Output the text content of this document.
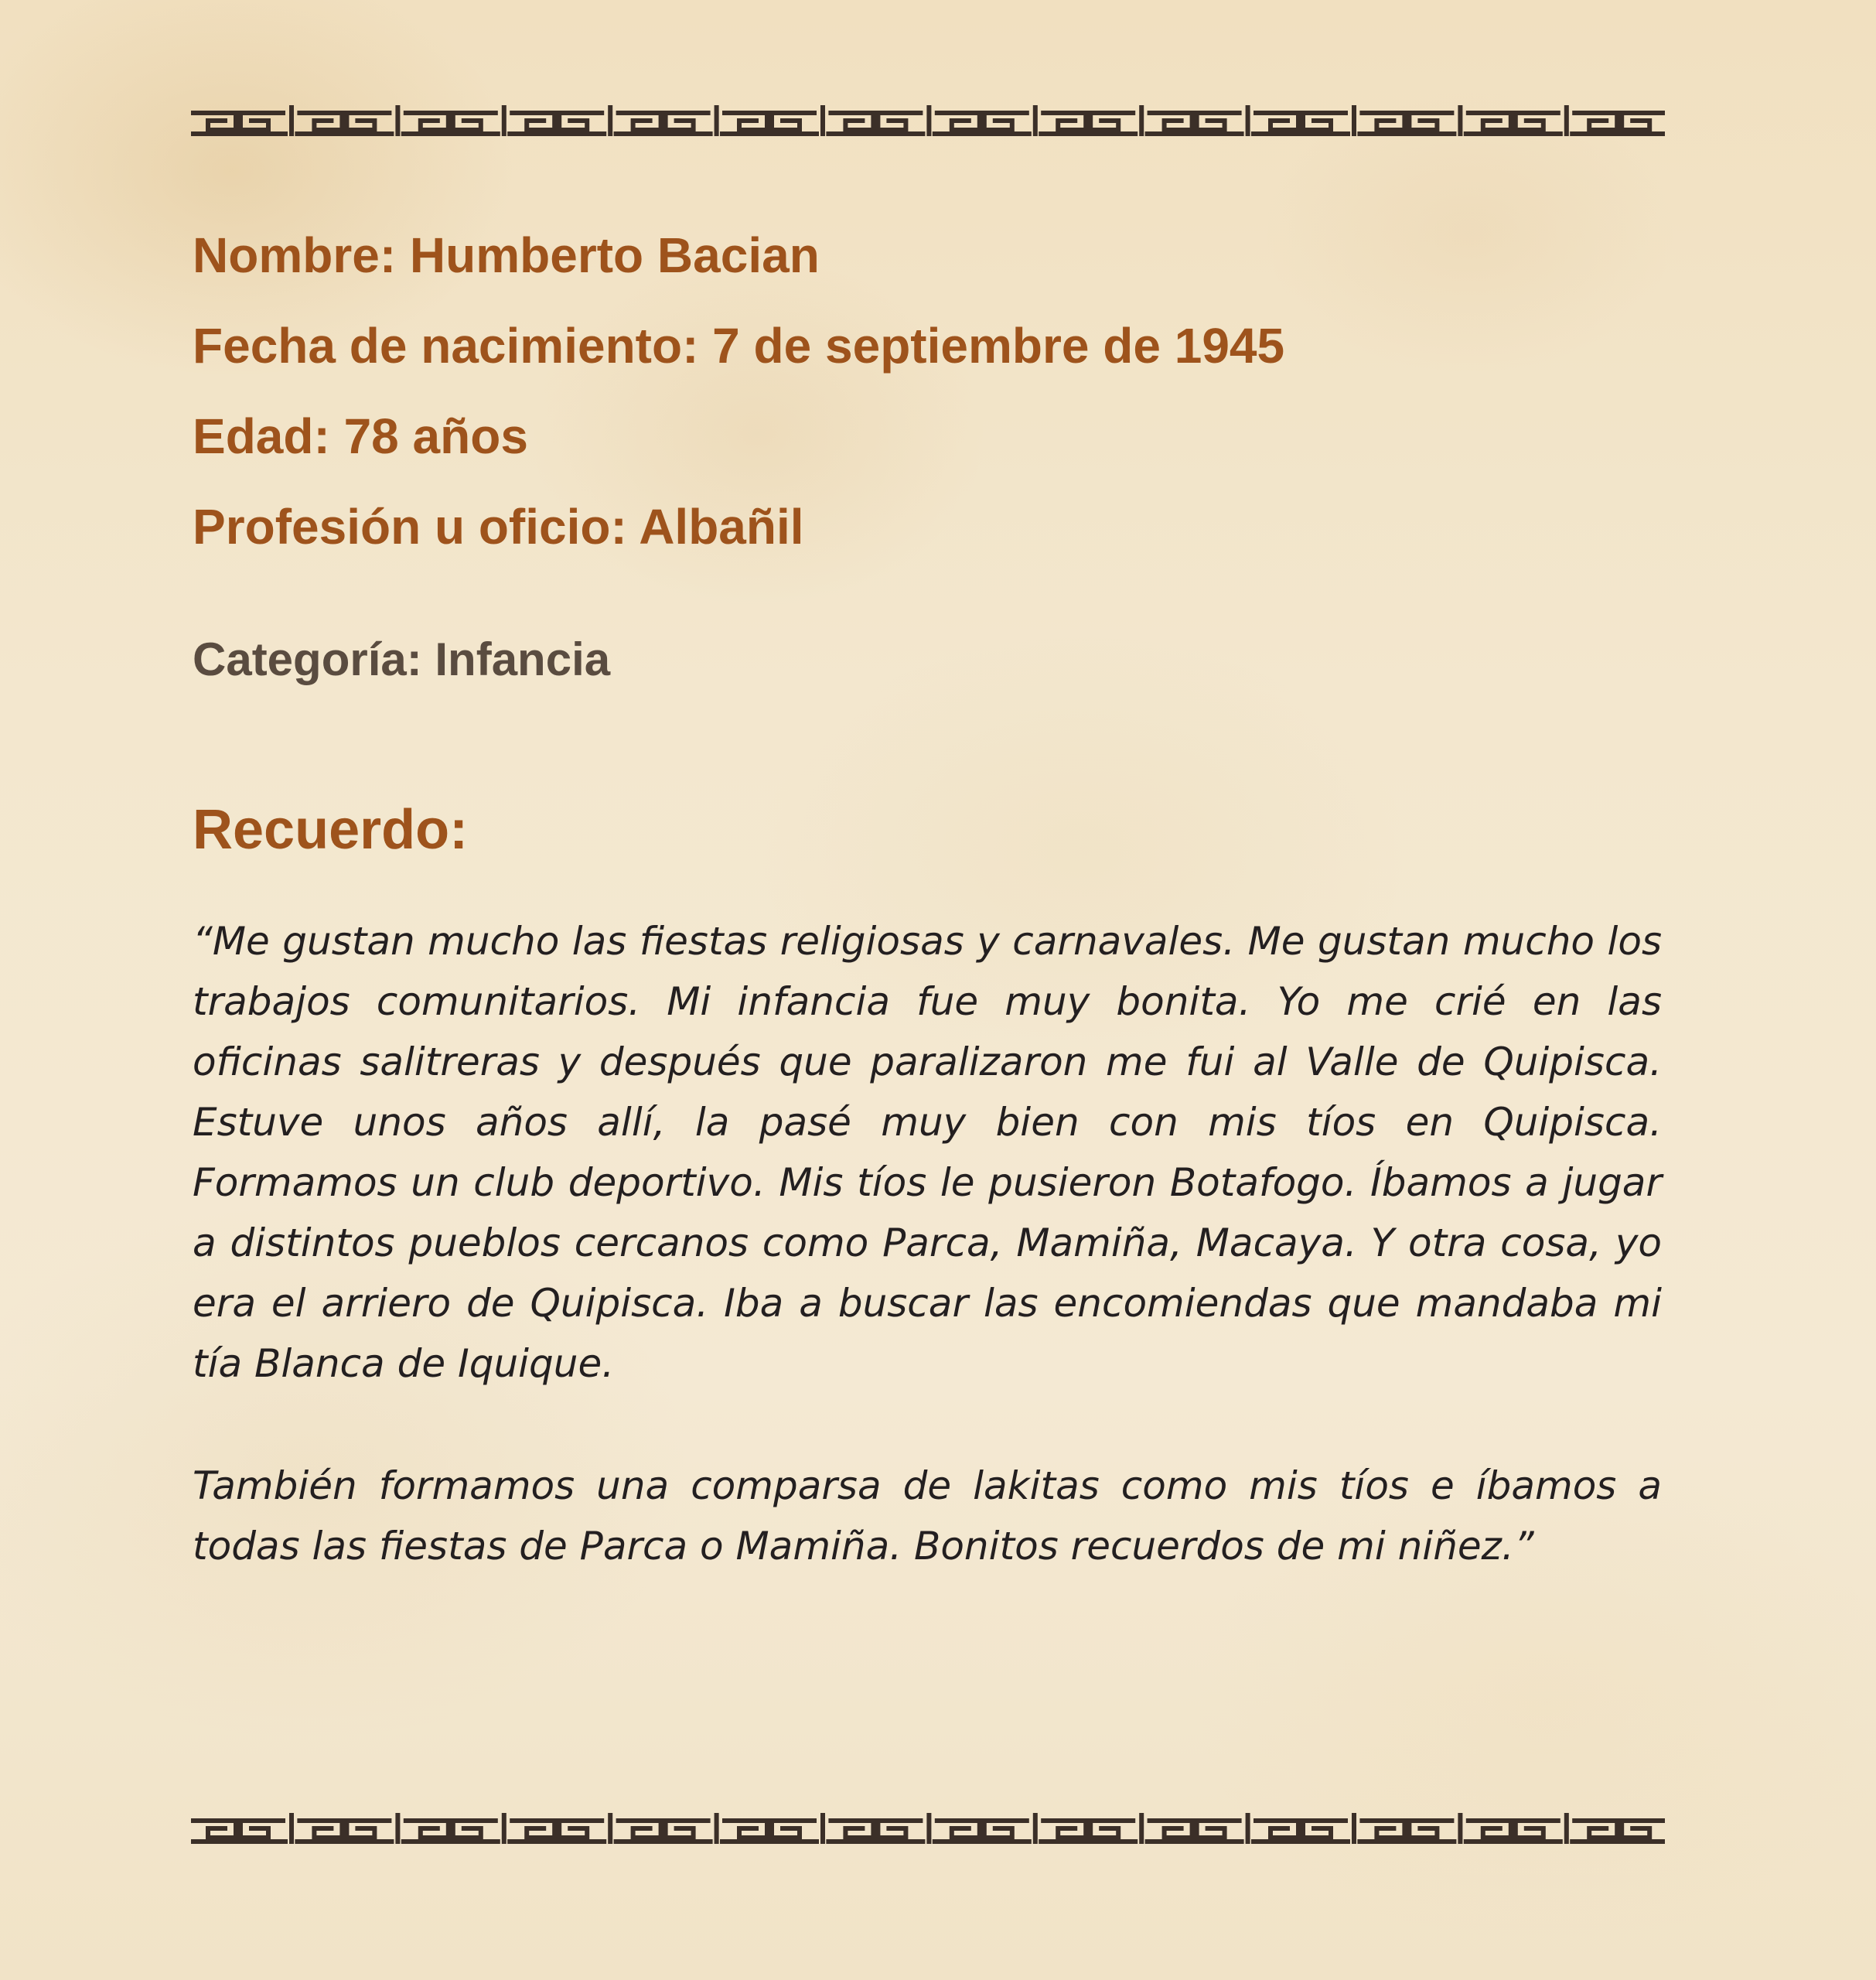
Nombre: Humberto Bacian
Fecha de nacimiento: 7 de septiembre de 1945
Edad: 78 años
Profesión u oficio: Albañil

Categoría: Infancia

Recuerdo:

“Me gustan mucho las fiestas religiosas y carnavales. Me gustan mucho los trabajos comunitarios. Mi infancia fue muy bonita. Yo me crié en las oficinas salitreras y después que paralizaron me fui al Valle de Quipisca. Estuve unos años allí, la pasé muy bien con mis tíos en Quipisca. Formamos un club deportivo. Mis tíos le pusieron Botafogo. Íbamos a jugar a distintos pueblos cercanos como Parca, Mamiña, Macaya. Y otra cosa, yo era el arriero de Quipisca. Iba a buscar las encomiendas que mandaba mi tía Blanca de Iquique.

También formamos una comparsa de lakitas como mis tíos e íbamos a todas las fiestas de Parca o Mamiña. Bonitos recuerdos de mi niñez.”
